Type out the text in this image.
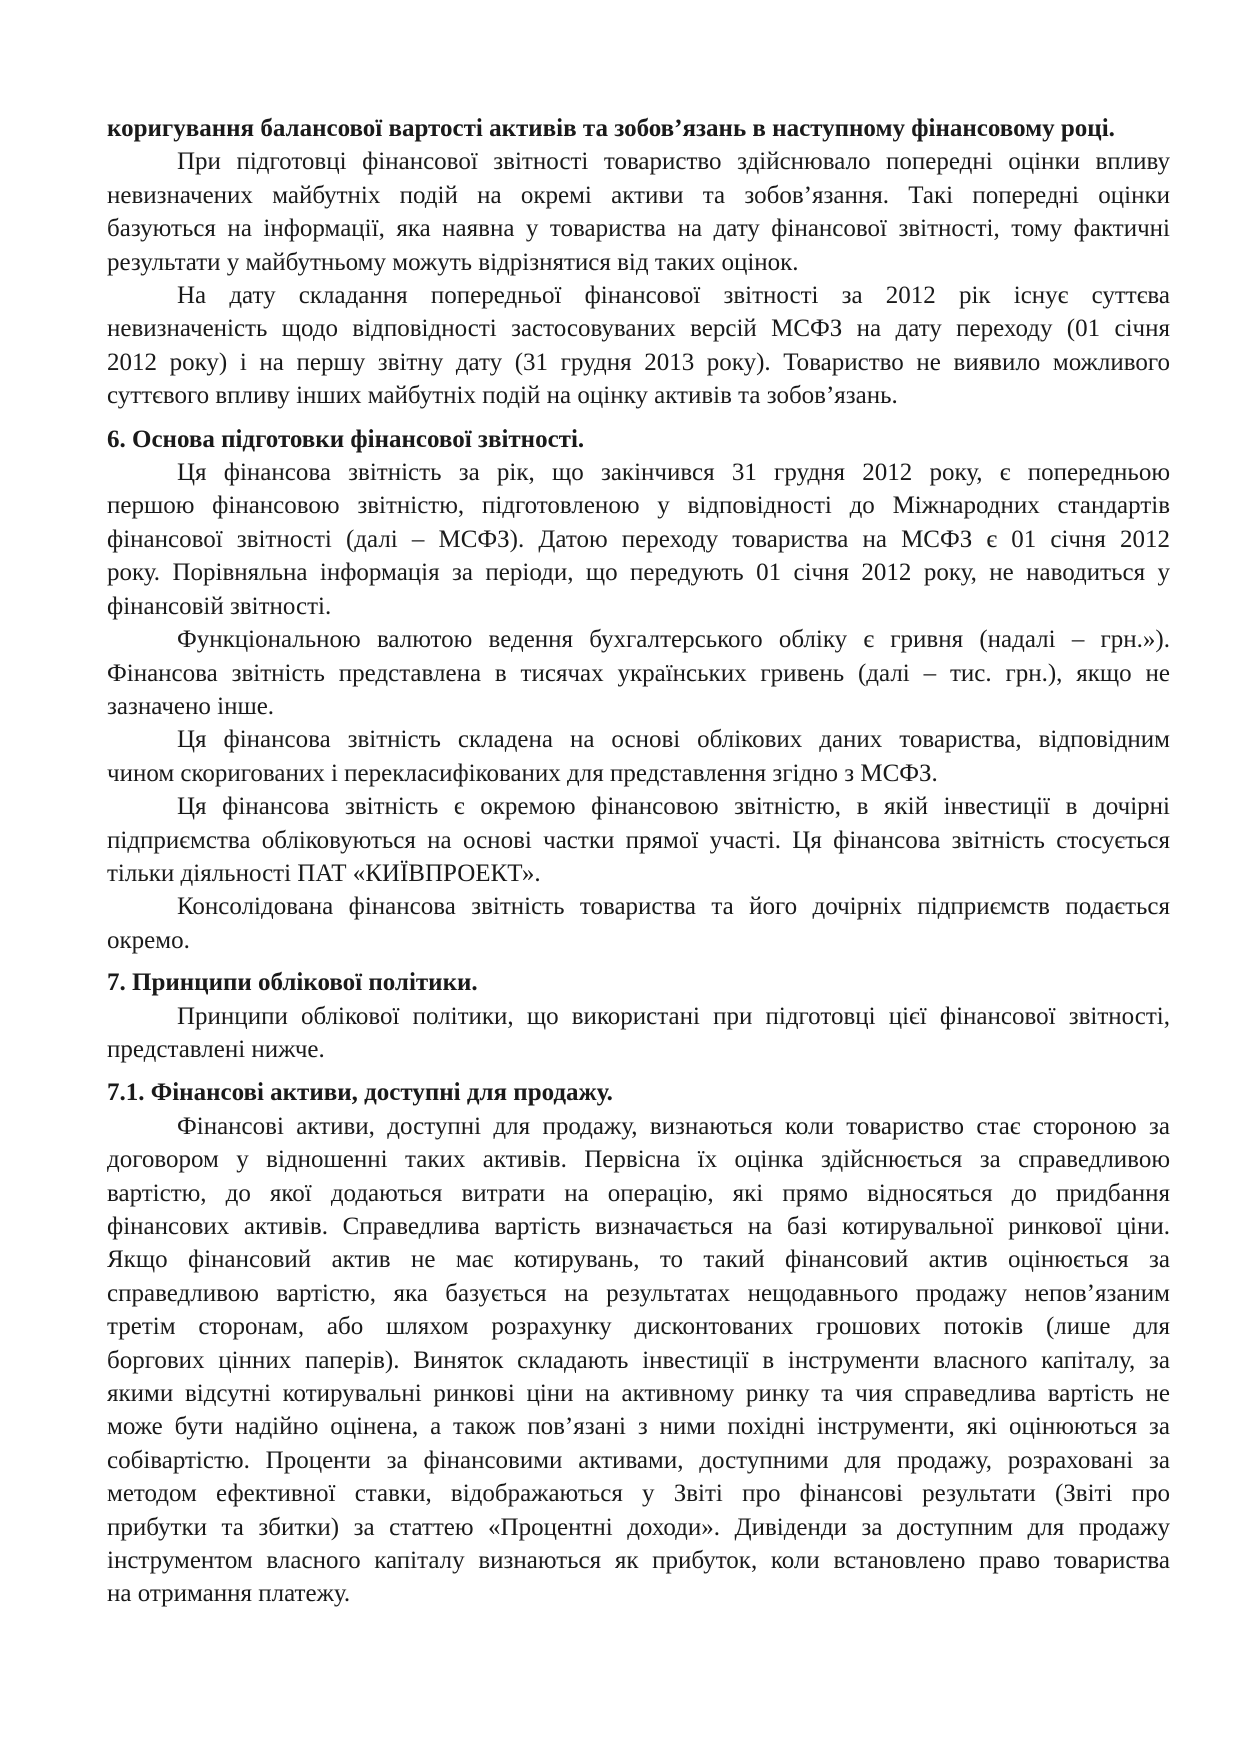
коригування балансової вартості активів та зобов’язань в наступному фінансовому році.
При підготовці фінансової звітності товариство здійснювало попередні оцінки впливу
невизначених майбутніх подій на окремі активи та зобов’язання. Такі попередні оцінки
базуються на інформації, яка наявна у товариства на дату фінансової звітності, тому фактичні
результати у майбутньому можуть відрізнятися від таких оцінок.
На дату складання попередньої фінансової звітності за 2012 рік існує суттєва
невизначеність щодо відповідності застосовуваних версій МСФЗ на дату переходу (01 січня
2012 року) і на першу звітну дату (31 грудня 2013 року). Товариство не виявило можливого
суттєвого впливу інших майбутніх подій на оцінку активів та зобов’язань.
6. Основа підготовки фінансової звітності.
Ця фінансова звітність за рік, що закінчився 31 грудня 2012 року, є попередньою
першою фінансовою звітністю, підготовленою у відповідності до Міжнародних стандартів
фінансової звітності (далі – МСФЗ). Датою переходу товариства на МСФЗ є 01 січня 2012
року. Порівняльна інформація за періоди, що передують 01 січня 2012 року, не наводиться у
фінансовій звітності.
Функціональною валютою ведення бухгалтерського обліку є гривня (надалі – грн.»).
Фінансова звітність представлена в тисячах українських гривень (далі – тис. грн.), якщо не
зазначено інше.
Ця фінансова звітність складена на основі облікових даних товариства, відповідним
чином скоригованих і перекласифікованих для представлення згідно з МСФЗ.
Ця фінансова звітність є окремою фінансовою звітністю, в якій інвестиції в дочірні
підприємства обліковуються на основі частки прямої участі. Ця фінансова звітність стосується
тільки діяльності ПАТ «КИЇВПРОЕКТ».
Консолідована фінансова звітність товариства та його дочірніх підприємств подається
окремо.
7. Принципи облікової політики.
Принципи облікової політики, що використані при підготовці цієї фінансової звітності,
представлені нижче.
7.1. Фінансові активи, доступні для продажу.
Фінансові активи, доступні для продажу, визнаються коли товариство стає стороною за
договором у відношенні таких активів. Первісна їх оцінка здійснюється за справедливою
вартістю, до якої додаються витрати на операцію, які прямо відносяться до придбання
фінансових активів. Справедлива вартість визначається на базі котирувальної ринкової ціни.
Якщо фінансовий актив не має котирувань, то такий фінансовий актив оцінюється за
справедливою вартістю, яка базується на результатах нещодавнього продажу непов’язаним
третім сторонам, або шляхом розрахунку дисконтованих грошових потоків (лише для
боргових цінних паперів). Виняток складають інвестиції в інструменти власного капіталу, за
якими відсутні котирувальні ринкові ціни на активному ринку та чия справедлива вартість не
може бути надійно оцінена, а також пов’язані з ними похідні інструменти, які оцінюються за
собівартістю. Проценти за фінансовими активами, доступними для продажу, розраховані за
методом ефективної ставки, відображаються у Звіті про фінансові результати (Звіті про
прибутки та збитки) за статтею «Процентні доходи». Дивіденди за доступним для продажу
інструментом власного капіталу визнаються як прибуток, коли встановлено право товариства
на отримання платежу.
